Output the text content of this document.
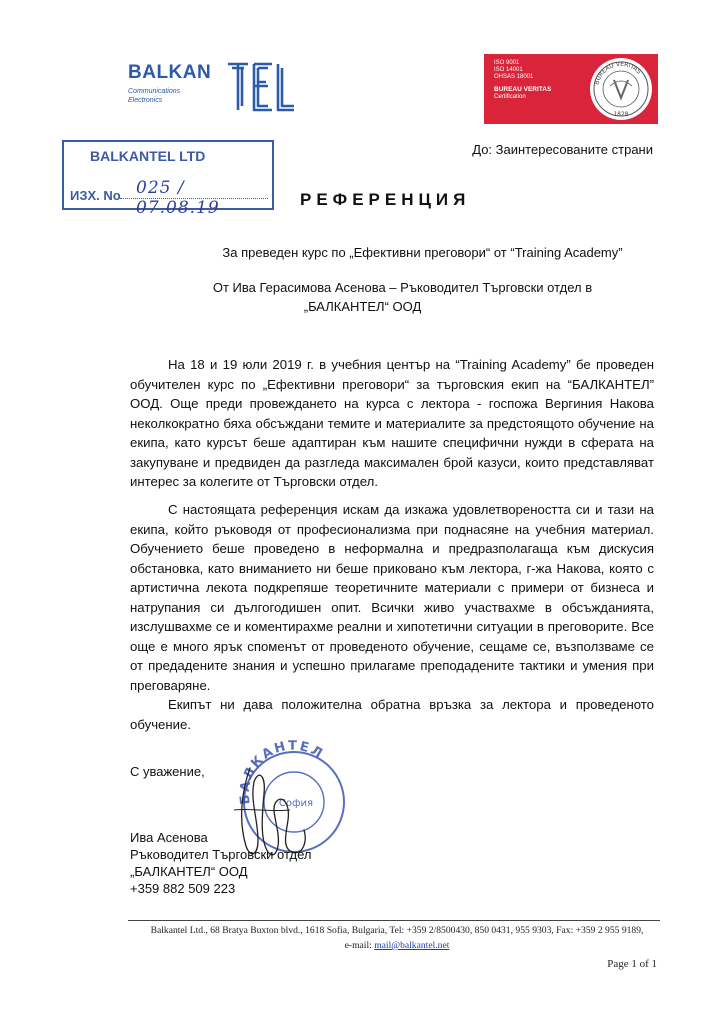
BALKAN
Communications
Electronics
ISO 9001
ISO 14001
OHSAS 18001
BUREAU VERITAS
Certification
BUREAU VERITAS
1828
BALKANTEL LTD
ИЗХ. No 025 / 07.08.19
До: Заинтересованите страни
РЕФЕРЕНЦИЯ
За преведен курс по „Ефективни преговори“ от “Training Academy”
От Ива Герасимова Асенова – Ръководител Търговски отдел в
„БАЛКАНТЕЛ“ ООД

На 18 и 19 юли 2019 г. в учебния център на “Training Academy” бе проведен обучителен курс по „Ефективни преговори“ за търговския екип на “БАЛКАНТЕЛ” ООД. Още преди провеждането на курса с лектора - госпожа Вергиния Накова неколкократно бяха обсъждани темите и материалите за предстоящото обучение на екипа, като курсът беше адаптиран към нашите специфични нужди в сферата на закупуване и предвиден да разгледа максимален брой казуси, които представляват интерес за колегите от Търговски отдел.

С настоящата референция искам да изкажа удовлетвореността си и тази на екипа, който ръководя от професионализма при поднасяне на учебния материал. Обучението беше проведено в неформална и предразполагаща към дискусия обстановка, като вниманието ни беше приковано към лектора, г-жа Накова, която с артистична лекота подкрепяше теоретичните материали с примери от бизнеса и натрупания си дългогодишен опит. Всички живо участвахме в обсъжданията, изслушвахме се и коментирахме реални и хипотетични ситуации в преговорите. Все още е много ярък споменът от проведеното обучение, сещаме се, възползваме се от предадените знания и успешно прилагаме преподадените тактики и умения при преговаряне.

Екипът ни дава положителна обратна връзка за лектора и проведеното обучение.

С уважение,
БАЛКАНТЕЛ
София
Ива Асенова
Ръководител Търговски отдел
„БАЛКАНТЕЛ“ ООД
+359 882 509 223
Balkantel Ltd., 68 Bratya Buxton blvd., 1618 Sofia, Bulgaria, Tel: +359 2/8500430, 850 0431, 955 9303, Fax: +359 2 955 9189,
e-mail: mail@balkantel.net
Page 1 of 1
